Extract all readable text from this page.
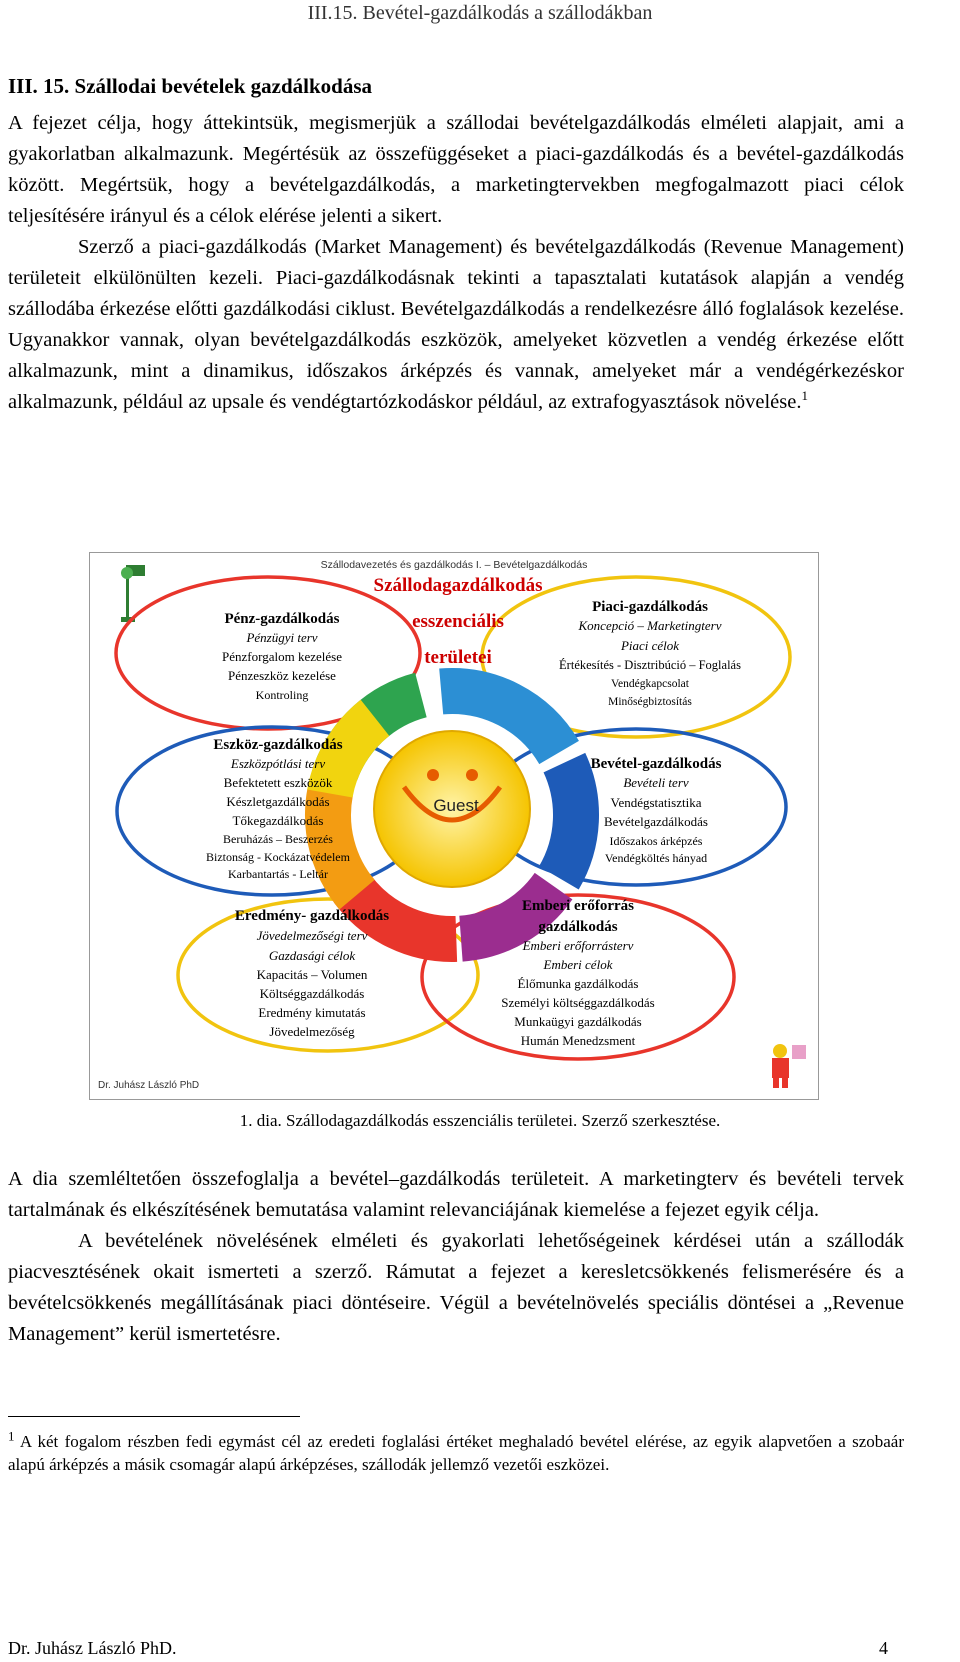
III.15. Bevétel-gazdálkodás a szállodákban
III. 15. Szállodai bevételek gazdálkodása

A fejezet célja, hogy áttekintsük, megismerjük a szállodai bevételgazdálkodás elméleti alapjait, ami a gyakorlatban alkalmazunk. Megértésük az összefüggéseket a piaci-gazdálkodás és a bevétel-gazdálkodás között. Megértsük, hogy a bevételgazdálkodás, a marketingtervekben megfogalmazott piaci célok teljesítésére irányul és a célok elérése jelenti a sikert.

Szerző a piaci-gazdálkodás (Market Management) és bevételgazdálkodás (Revenue Management) területeit elkülönülten kezeli. Piaci-gazdálkodásnak tekinti a tapasztalati kutatások alapján a vendég szállodába érkezése előtti gazdálkodási ciklust. Bevételgazdálkodás a rendelkezésre álló foglalások kezelése. Ugyanakkor vannak, olyan bevételgazdálkodás eszközök, amelyeket közvetlen a vendég érkezése előtt alkalmazunk, mint a dinamikus, időszakos árképzés és vannak, amelyeket már a vendégérkezéskor alkalmazunk, például az upsale és vendégtartózkodáskor például, az extrafogyasztások növelése.$^1$

Szállodavezetés és gazdálkodás I. – Bevételgazdálkodás
Guest
Szállodagazdálkodás
esszenciális
területei
Pénz-gazdálkodás
Pénzügyi terv
Pénzforgalom kezelése
Pénzeszköz kezelése
Kontroling
Piaci-gazdálkodás
Koncepció – Marketingterv
Piaci célok
Értékesítés - Disztribúció – Foglalás
Vendégkapcsolat
Minőségbiztosítás
Eszköz-gazdálkodás
Eszközpótlási terv
Befektetett eszközök
Készletgazdálkodás
Tőkegazdálkodás
Beruházás – Beszerzés
Biztonság - Kockázatvédelem
Karbantartás - Leltár
Bevétel-gazdálkodás
Bevételi terv
Vendégstatisztika
Bevételgazdálkodás
Időszakos árképzés
Vendégköltés hányad
Eredmény- gazdálkodás
Jövedelmezőségi terv
Gazdasági célok
Kapacitás – Volumen
Költséggazdálkodás
Eredmény kimutatás
Jövedelmezőség
Emberi erőforrás
gazdálkodás
Emberi erőforrásterv
Emberi célok
Élőmunka gazdálkodás
Személyi költséggazdálkodás
Munkaügyi gazdálkodás
Humán Menedzsment
Dr. Juhász László PhD
1. dia. Szállodagazdálkodás esszenciális területei. Szerző szerkesztése.

A dia szemléltetően összefoglalja a bevétel–gazdálkodás területeit. A marketingterv és bevételi tervek tartalmának és elkészítésének bemutatása valamint relevanciájának kiemelése a fejezet egyik célja.

A bevételének növelésének elméleti és gyakorlati lehetőségeinek kérdései után a szállodák piacvesztésének okait ismerteti a szerző. Rámutat a fejezet a keresletcsökkenés felismerésére és a bevételcsökkenés megállításának piaci döntéseire. Végül a bevételnövelés speciális döntései a „Revenue Management” kerül ismertetésre.

$^1$ A két fogalom részben fedi egymást cél az eredeti foglalási értéket meghaladó bevétel elérése, az egyik alapvetően a szobaár alapú árképzés a másik csomagár alapú árképzéses, szállodák jellemző vezetői eszközei.
Dr. Juhász László PhD.	4
